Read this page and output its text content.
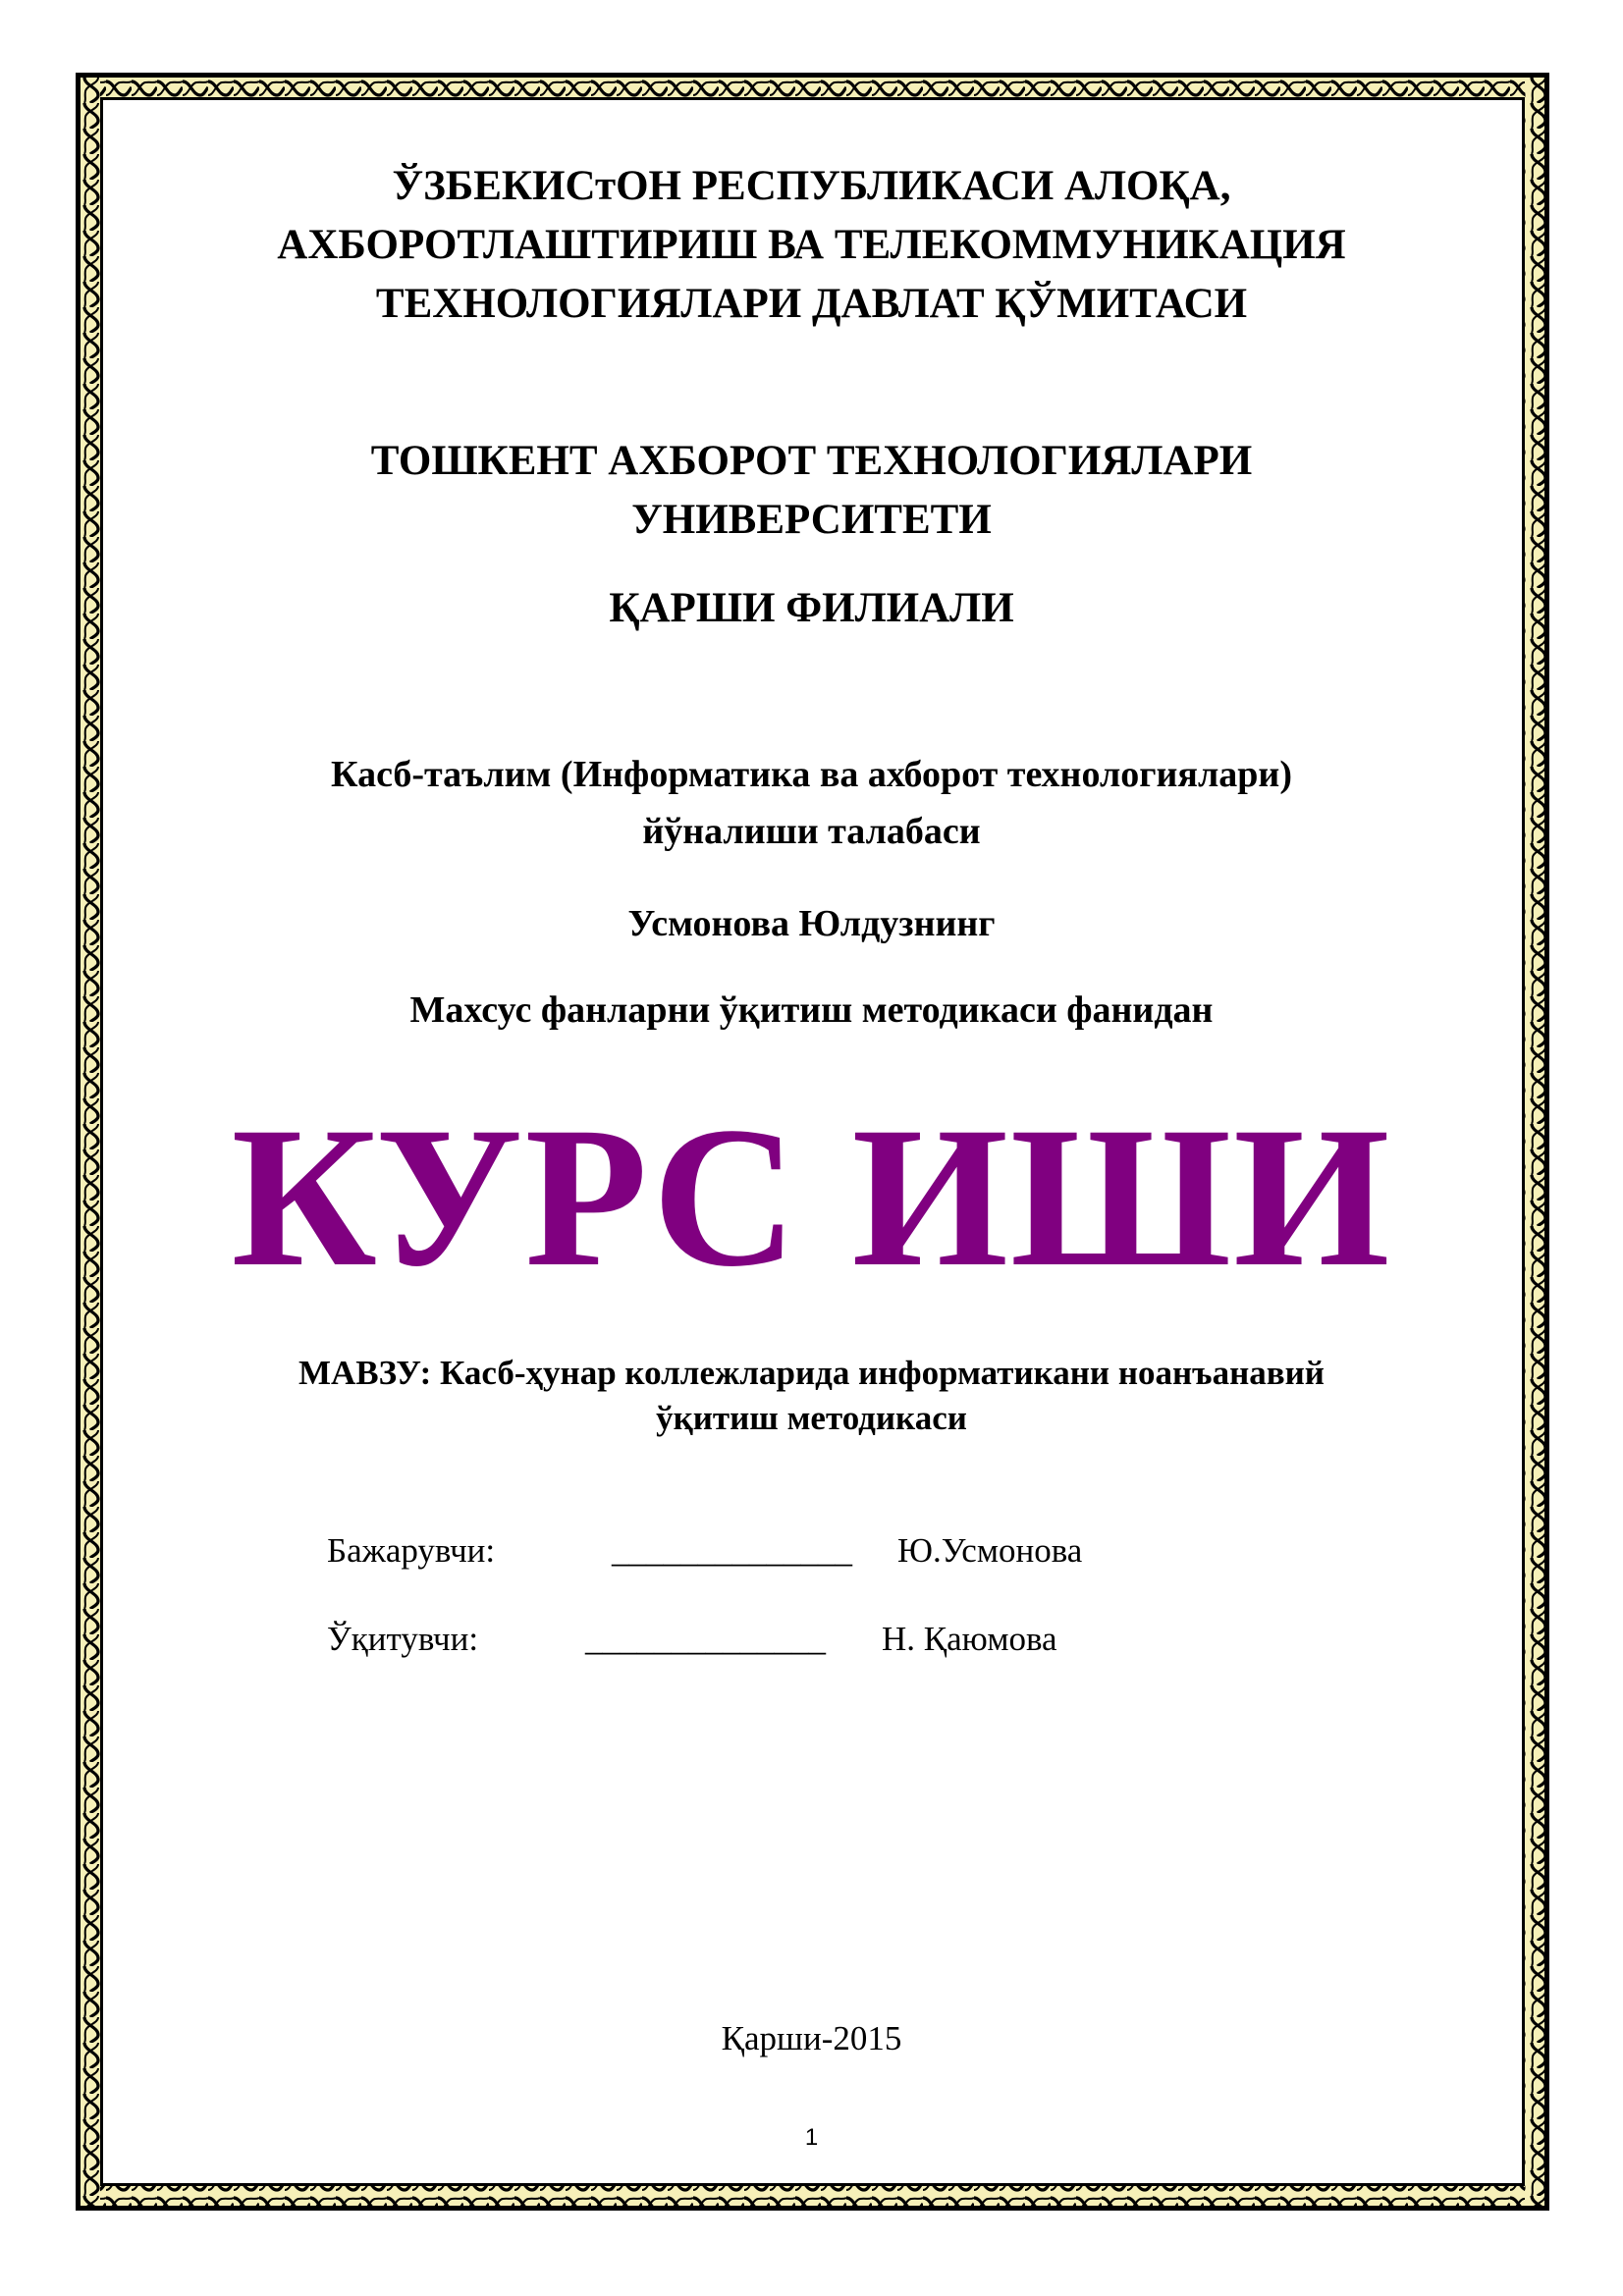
ЎЗБЕКИСтОН РЕСПУБЛИКАСИ АЛОҚА,
АХБОРОТЛАШТИРИШ ВА ТЕЛЕКОММУНИКАЦИЯ
ТЕХНОЛОГИЯЛАРИ ДАВЛАТ ҚЎМИТАСИ
ТОШКЕНТ АХБОРОТ ТЕХНОЛОГИЯЛАРИ
УНИВЕРСИТЕТИ
ҚАРШИ ФИЛИАЛИ
Касб-таълим (Информатика ва ахборот технологиялари)
йўналиши талабаси
Усмонова Юлдузнинг
Махсус фанларни ўқитиш методикаси фанидан
КУРС ИШИ
МАВЗУ: Касб-ҳунар коллежларида информатикани ноанъанавий
ўқитиш методикаси
Бажарувчи:	______________ Ю.Усмонова
Ўқитувчи:	______________ Н. Қаюмова
Қарши-2015
1
